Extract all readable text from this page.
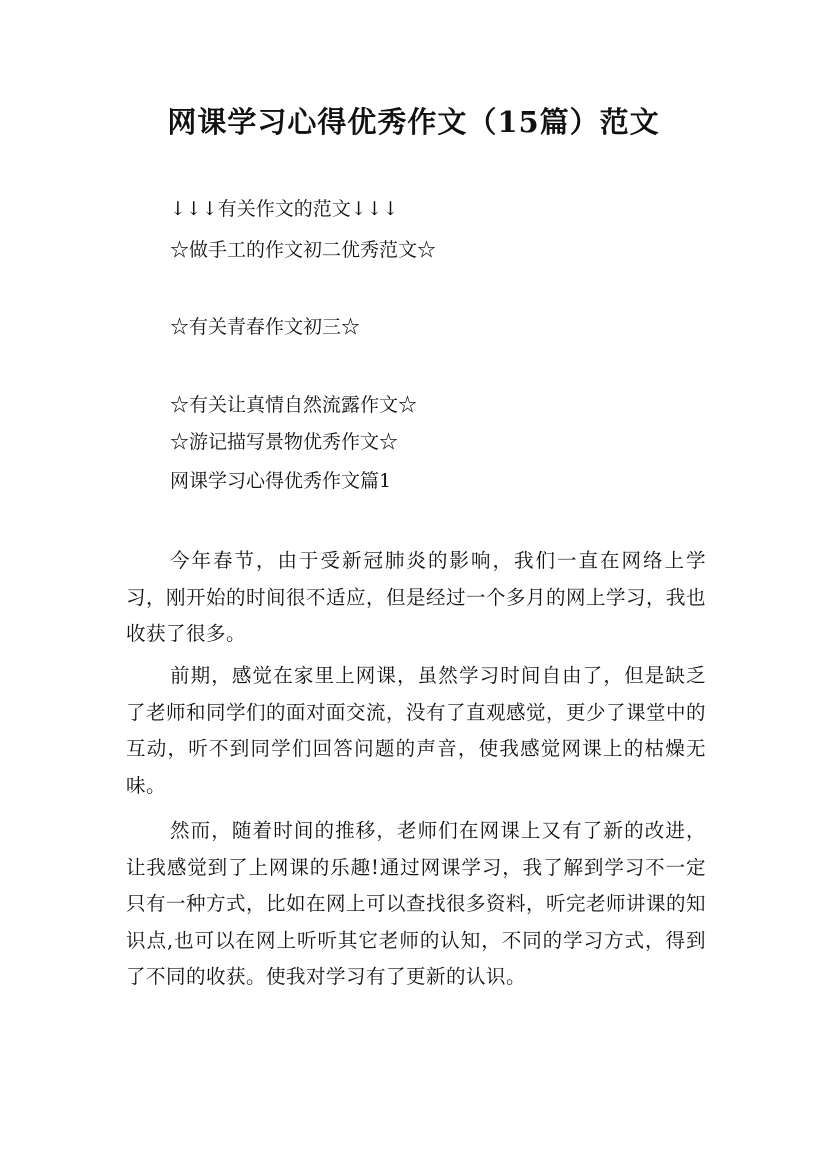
网课学习心得优秀作文（15篇）范文
↓↓↓有关作文的范文↓↓↓
☆做手工的作文初二优秀范文☆
☆有关青春作文初三☆
☆有关让真情自然流露作文☆
☆游记描写景物优秀作文☆
网课学习心得优秀作文篇1

今年春节，由于受新冠肺炎的影响，我们一直在网络上学习，刚开始的时间很不适应，但是经过一个多月的网上学习，我也收获了很多。

前期，感觉在家里上网课，虽然学习时间自由了，但是缺乏了老师和同学们的面对面交流，没有了直观感觉，更少了课堂中的互动，听不到同学们回答问题的声音，使我感觉网课上的枯燥无味。

然而，随着时间的推移，老师们在网课上又有了新的改进，让我感觉到了上网课的乐趣!通过网课学习，我了解到学习不一定只有一种方式，比如在网上可以查找很多资料，听完老师讲课的知识点,也可以在网上听听其它老师的认知，不同的学习方式，得到了不同的收获。使我对学习有了更新的认识。
